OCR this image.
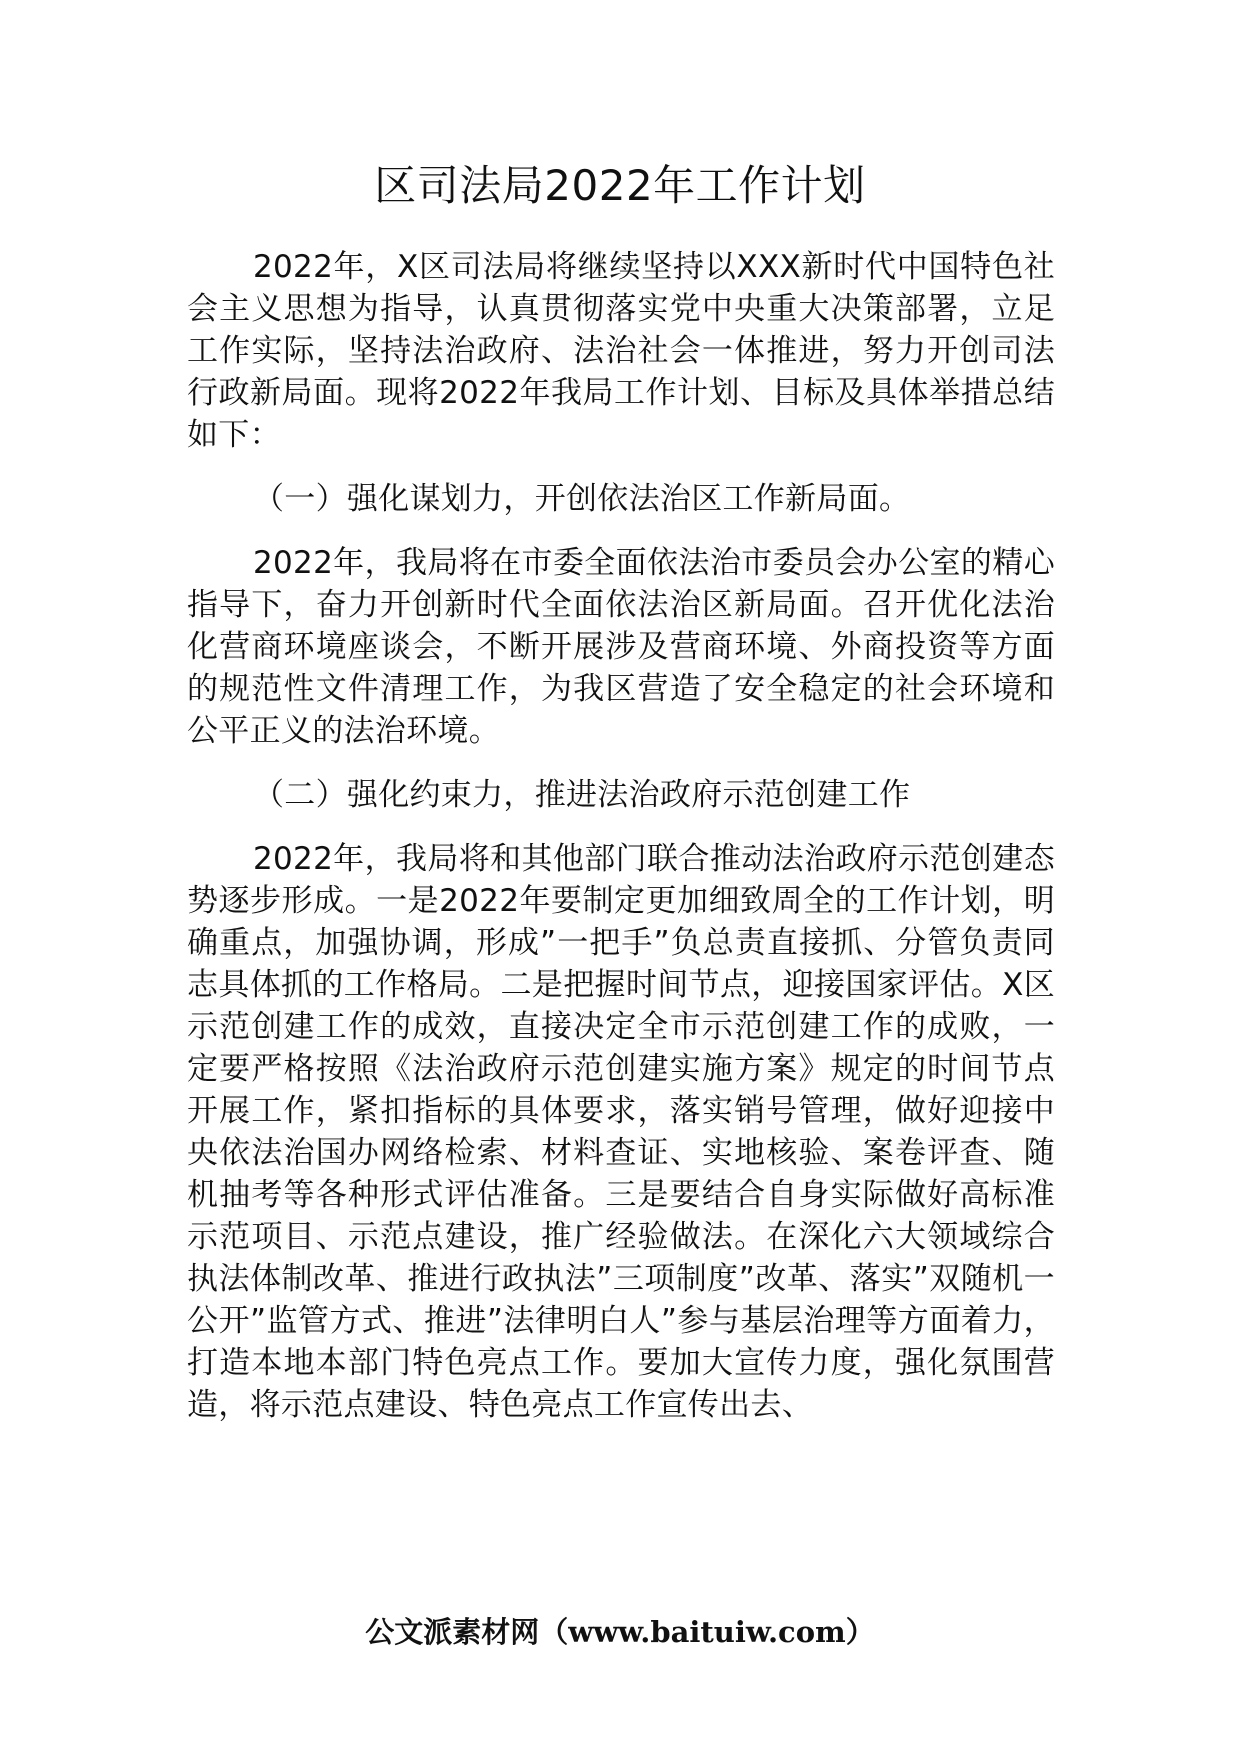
区司法局2022年工作计划

2022年，X区司法局将继续坚持以XXX新时代中国特色社会主义思想为指导，认真贯彻落实党中央重大决策部署，立足工作实际，坚持法治政府、法治社会一体推进，努力开创司法行政新局面。现将2022年我局工作计划、目标及具体举措总结如下：

（一）强化谋划力，开创依法治区工作新局面。

2022年，我局将在市委全面依法治市委员会办公室的精心指导下，奋力开创新时代全面依法治区新局面。召开优化法治化营商环境座谈会，不断开展涉及营商环境、外商投资等方面的规范性文件清理工作，为我区营造了安全稳定的社会环境和公平正义的法治环境。

（二）强化约束力，推进法治政府示范创建工作

2022年，我局将和其他部门联合推动法治政府示范创建态势逐步形成。一是2022年要制定更加细致周全的工作计划，明确重点，加强协调，形成”一把手”负总责直接抓、分管负责同志具体抓的工作格局。二是把握时间节点，迎接国家评估。X区示范创建工作的成效，直接决定全市示范创建工作的成败，一定要严格按照《法治政府示范创建实施方案》规定的时间节点开展工作，紧扣指标的具体要求，落实销号管理，做好迎接中央依法治国办网络检索、材料查证、实地核验、案卷评查、随机抽考等各种形式评估准备。三是要结合自身实际做好高标准示范项目、示范点建设，推广经验做法。在深化六大领域综合执法体制改革、推进行政执法”三项制度”改革、落实”双随机一公开”监管方式、推进”法律明白人”参与基层治理等方面着力，打造本地本部门特色亮点工作。要加大宣传力度，强化氛围营造，将示范点建设、特色亮点工作宣传出去、

公文派素材网（www.baituiw.com）
